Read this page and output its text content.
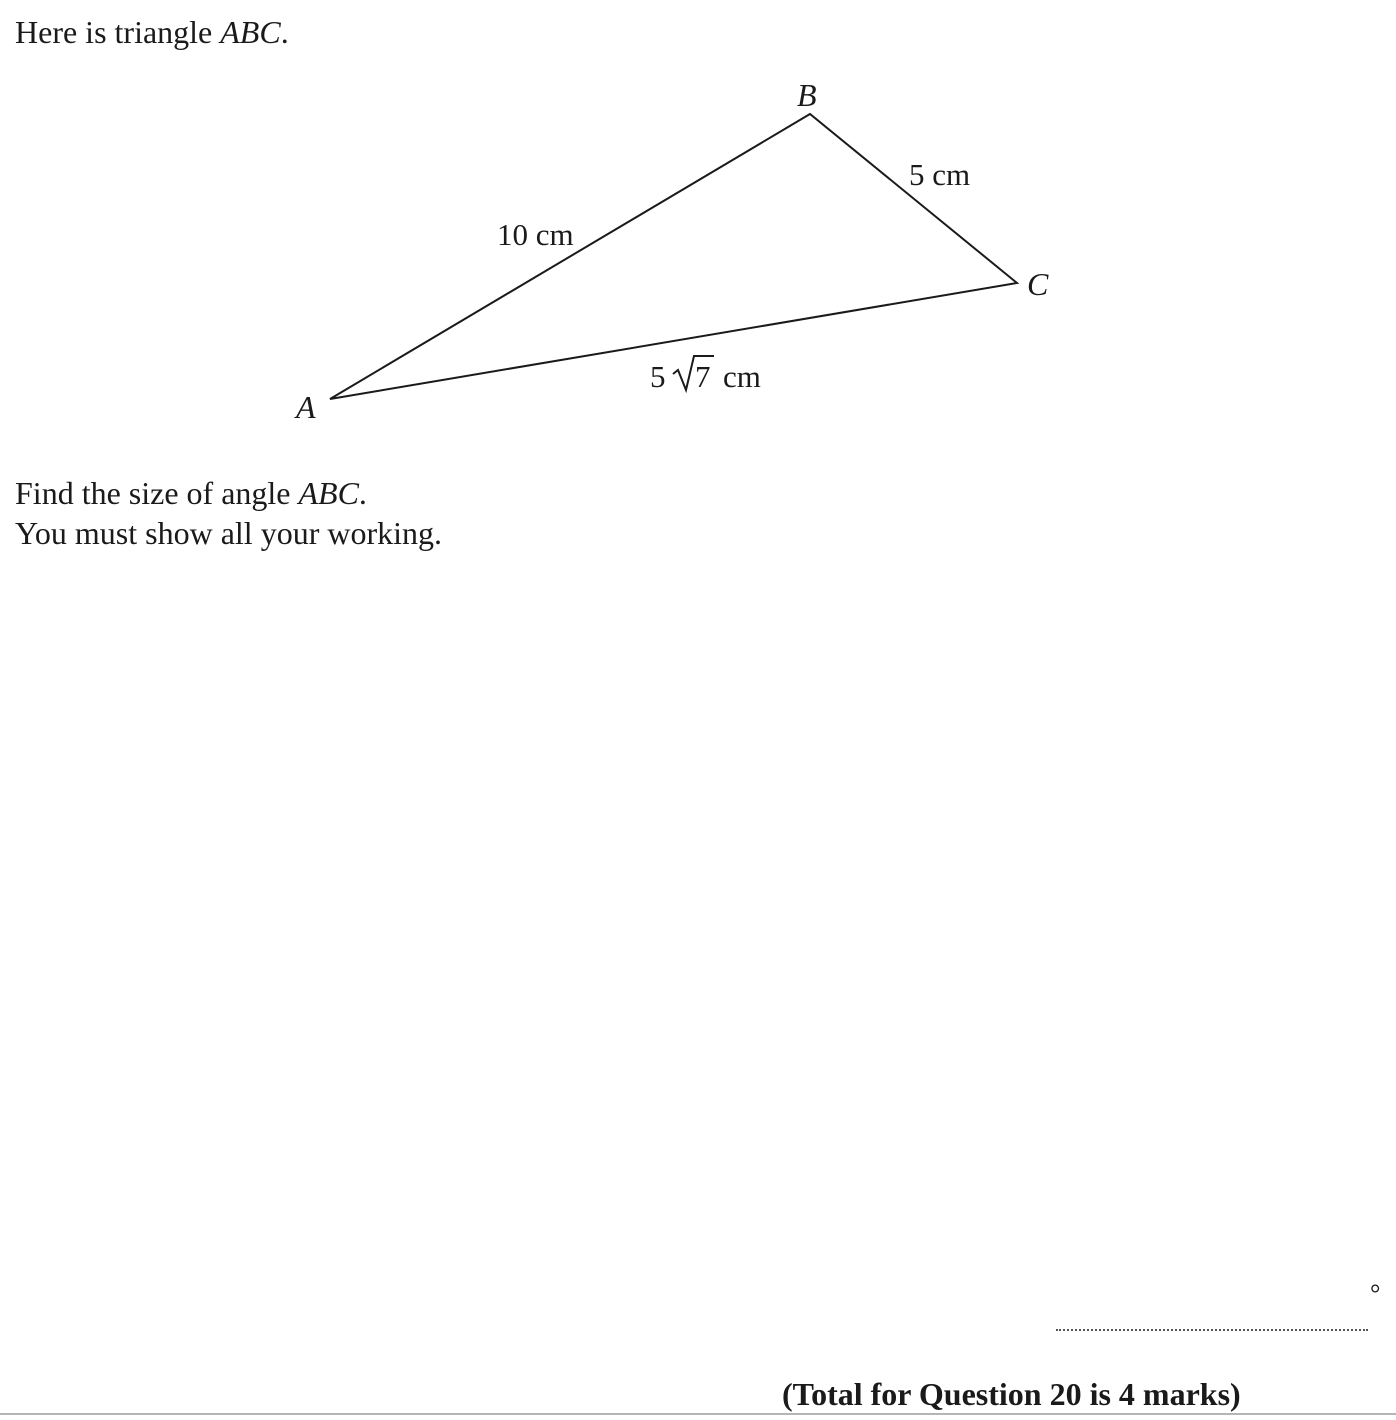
Here is triangle ABC.
A
B
C
10 cm
5 cm
5 7 cm
Find the size of angle ABC.
You must show all your working.
°
(Total for Question 20 is 4 marks)
